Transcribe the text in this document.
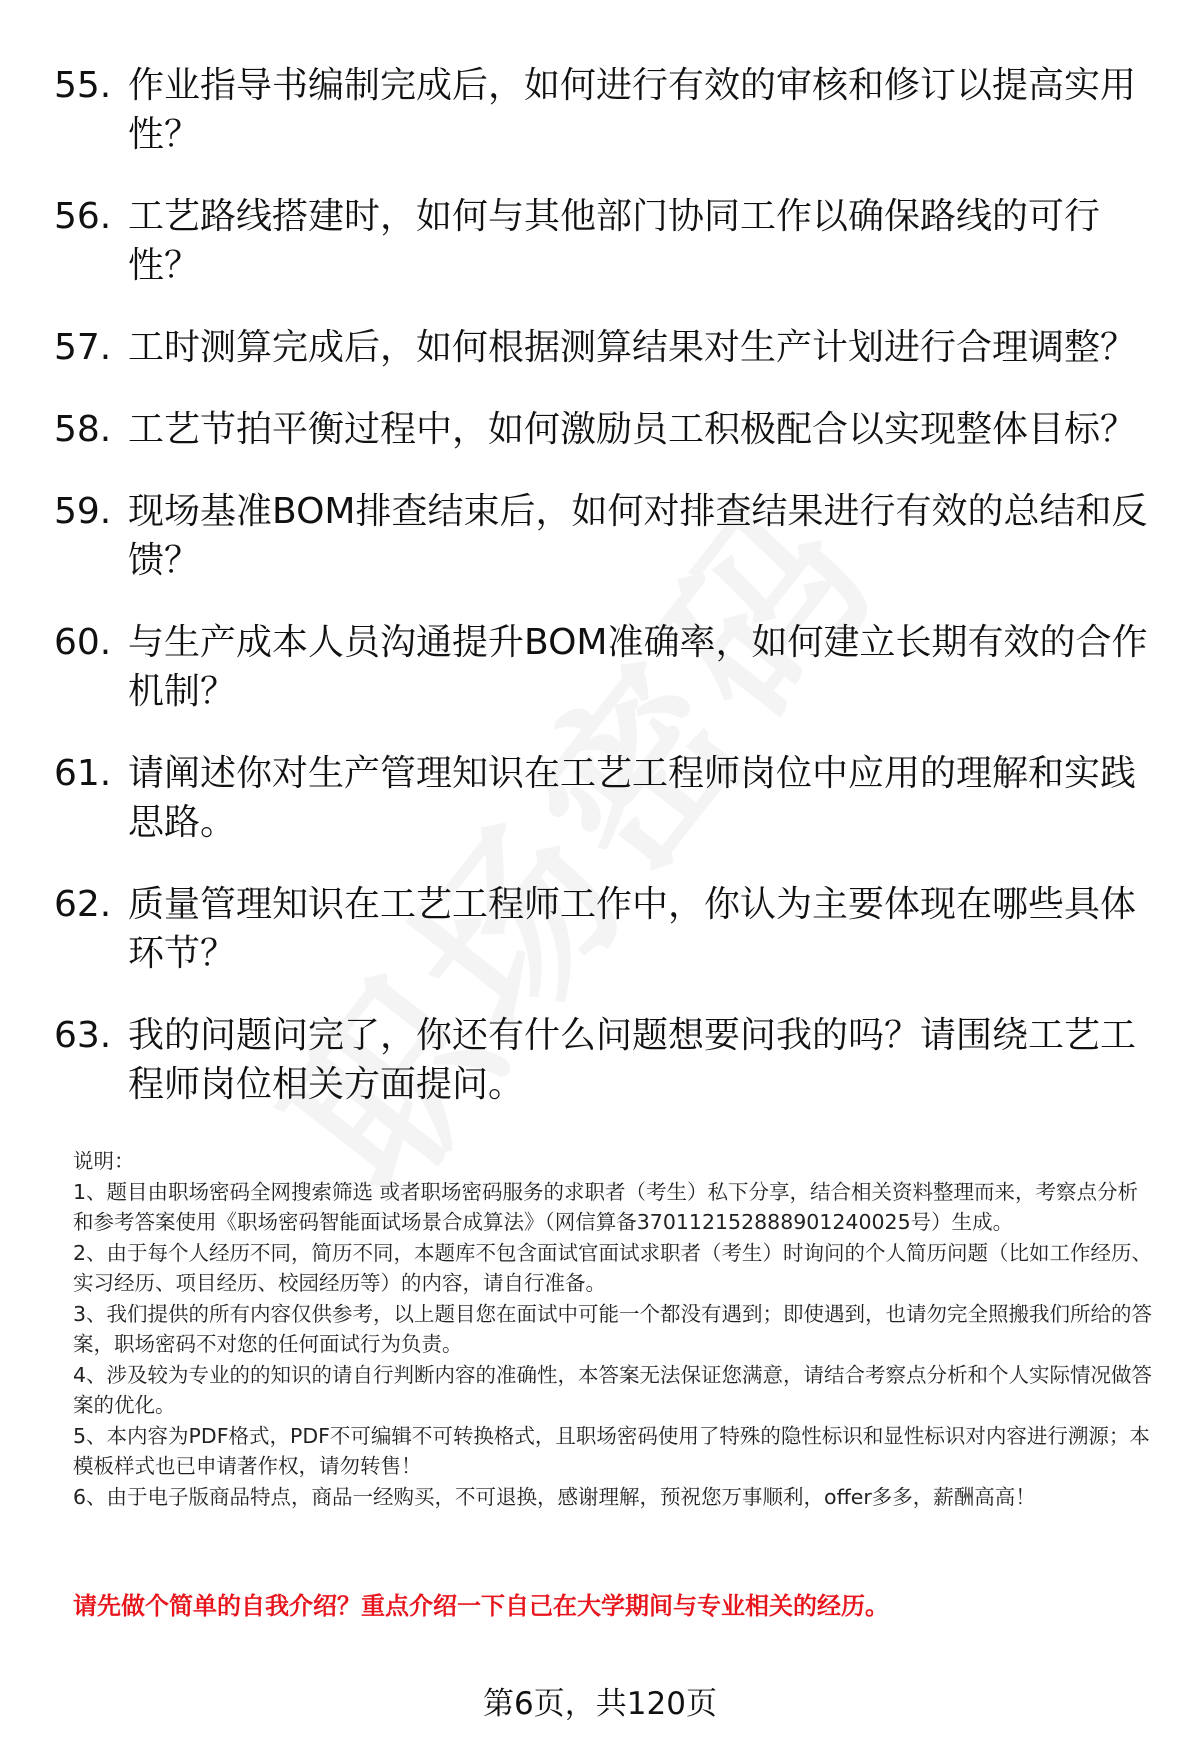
55. 作业指导书编制完成后，如何进行有效的审核和修订以提高实用性？
56. 工艺路线搭建时，如何与其他部门协同工作以确保路线的可行性？
57. 工时测算完成后，如何根据测算结果对生产计划进行合理调整？
58. 工艺节拍平衡过程中，如何激励员工积极配合以实现整体目标？
59. 现场基准BOM排查结束后，如何对排查结果进行有效的总结和反馈？
60. 与生产成本人员沟通提升BOM准确率，如何建立长期有效的合作机制？
61. 请阐述你对生产管理知识在工艺工程师岗位中应用的理解和实践思路。
62. 质量管理知识在工艺工程师工作中，你认为主要体现在哪些具体环节？
63. 我的问题问完了，你还有什么问题想要问我的吗？请围绕工艺工程师岗位相关方面提问。

说明：

1、题目由职场密码全网搜索筛选 或者职场密码服务的求职者（考生）私下分享，结合相关资料整理而来，考察点分析和参考答案使用《职场密码智能面试场景合成算法》（网信算备370112152888901240025号）生成。

2、由于每个人经历不同，简历不同，本题库不包含面试官面试求职者（考生）时询问的个人简历问题（比如工作经历、实习经历、项目经历、校园经历等）的内容，请自行准备。

3、我们提供的所有内容仅供参考，以上题目您在面试中可能一个都没有遇到；即使遇到，也请勿完全照搬我们所给的答案，职场密码不对您的任何面试行为负责。

4、涉及较为专业的的知识的请自行判断内容的准确性，本答案无法保证您满意，请结合考察点分析和个人实际情况做答案的优化。

5、本内容为PDF格式，PDF不可编辑不可转换格式，且职场密码使用了特殊的隐性标识和显性标识对内容进行溯源；本模板样式也已申请著作权，请勿转售！

6、由于电子版商品特点，商品一经购买，不可退换，感谢理解，预祝您万事顺利，offer多多，薪酬高高！

请先做个简单的自我介绍？重点介绍一下自己在大学期间与专业相关的经历。
第6页，共120页
